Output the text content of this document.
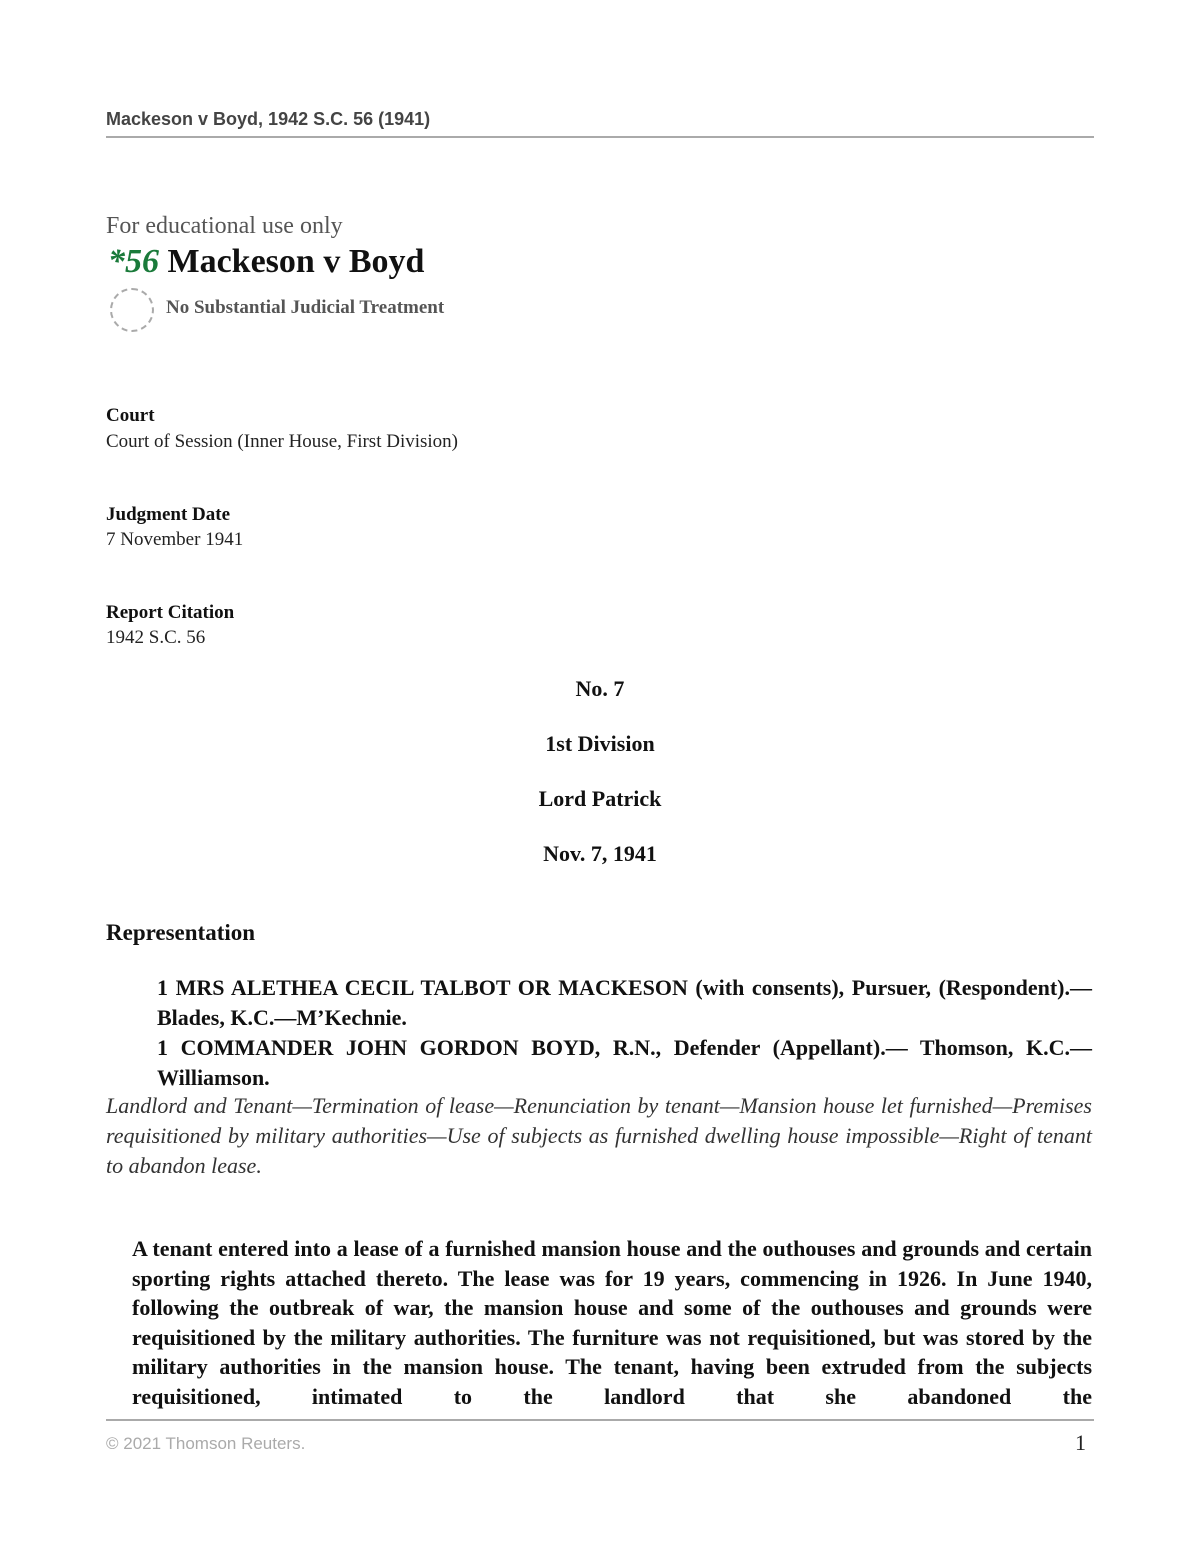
Mackeson v Boyd, 1942 S.C. 56 (1941)
For educational use only
*56 Mackeson v Boyd
No Substantial Judicial Treatment
Court
Court of Session (Inner House, First Division)
Judgment Date
7 November 1941
Report Citation
1942 S.C. 56
No. 7
1st Division
Lord Patrick
Nov. 7, 1941
Representation
1 MRS ALETHEA CECIL TALBOT OR MACKESON (with consents), Pursuer, (Respondent).— Blades, K.C.—M’Kechnie.
1 COMMANDER JOHN GORDON BOYD, R.N., Defender (Appellant).— Thomson, K.C.—Williamson.
Landlord and Tenant—Termination of lease—Renunciation by tenant—Mansion house let furnished—Premises requisitioned by military authorities—Use of subjects as furnished dwelling house impossible—Right of tenant to abandon lease.
A tenant entered into a lease of a furnished mansion house and the outhouses and grounds and certain sporting rights attached thereto. The lease was for 19 years, commencing in 1926. In June 1940, following the outbreak of war, the mansion house and some of the outhouses and grounds were requisitioned by the military authorities. The furniture was not requisitioned, but was stored by the military authorities in the mansion house. The tenant, having been extruded from the subjects requisitioned, intimated to the landlord that she abandoned the
© 2021 Thomson Reuters.	1
